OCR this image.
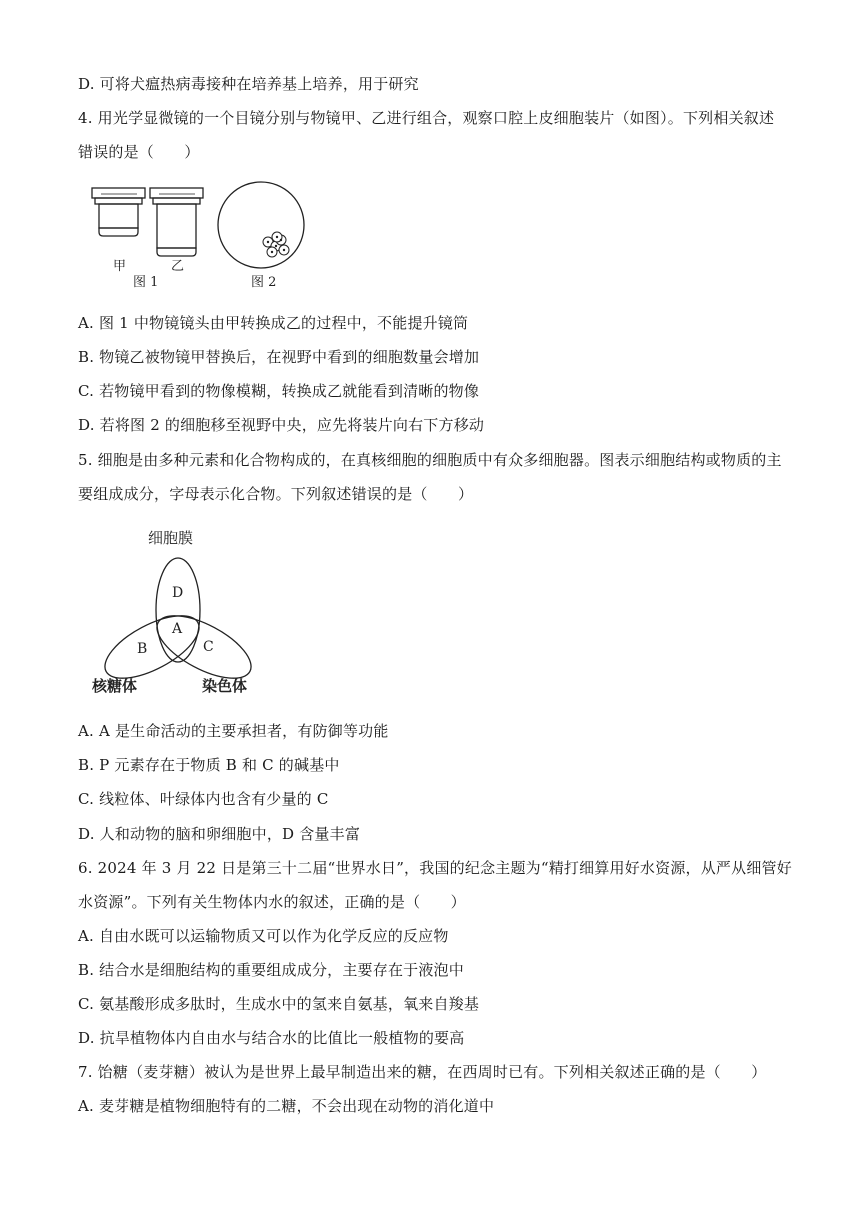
D. 可将犬瘟热病毒接种在培养基上培养，用于研究
4. 用光学显微镜的一个目镜分别与物镜甲、乙进行组合，观察口腔上皮细胞装片（如图）。下列相关叙述
错误的是（　　）
甲	乙
图 1	图 2
A. 图 1 中物镜镜头由甲转换成乙的过程中，不能提升镜筒
B. 物镜乙被物镜甲替换后，在视野中看到的细胞数量会增加
C. 若物镜甲看到的物像模糊，转换成乙就能看到清晰的物像
D. 若将图 2 的细胞移至视野中央，应先将装片向右下方移动
5. 细胞是由多种元素和化合物构成的，在真核细胞的细胞质中有众多细胞器。图表示细胞结构或物质的主
要组成成分，字母表示化合物。下列叙述错误的是（　　）
细胞膜
D
A
B	C
核糖体	染色体
A. A 是生命活动的主要承担者，有防御等功能
B. P 元素存在于物质 B 和 C 的碱基中
C. 线粒体、叶绿体内也含有少量的 C
D. 人和动物的脑和卵细胞中，D 含量丰富
6. 2024 年 3 月 22 日是第三十二届“世界水日”，我国的纪念主题为“精打细算用好水资源，从严从细管好
水资源”。下列有关生物体内水的叙述，正确的是（　　）
A. 自由水既可以运输物质又可以作为化学反应的反应物
B. 结合水是细胞结构的重要组成成分，主要存在于液泡中
C. 氨基酸形成多肽时，生成水中的氢来自氨基，氧来自羧基
D. 抗旱植物体内自由水与结合水的比值比一般植物的要高
7. 饴糖（麦芽糖）被认为是世界上最早制造出来的糖，在西周时已有。下列相关叙述正确的是（　　）
A. 麦芽糖是植物细胞特有的二糖，不会出现在动物的消化道中
